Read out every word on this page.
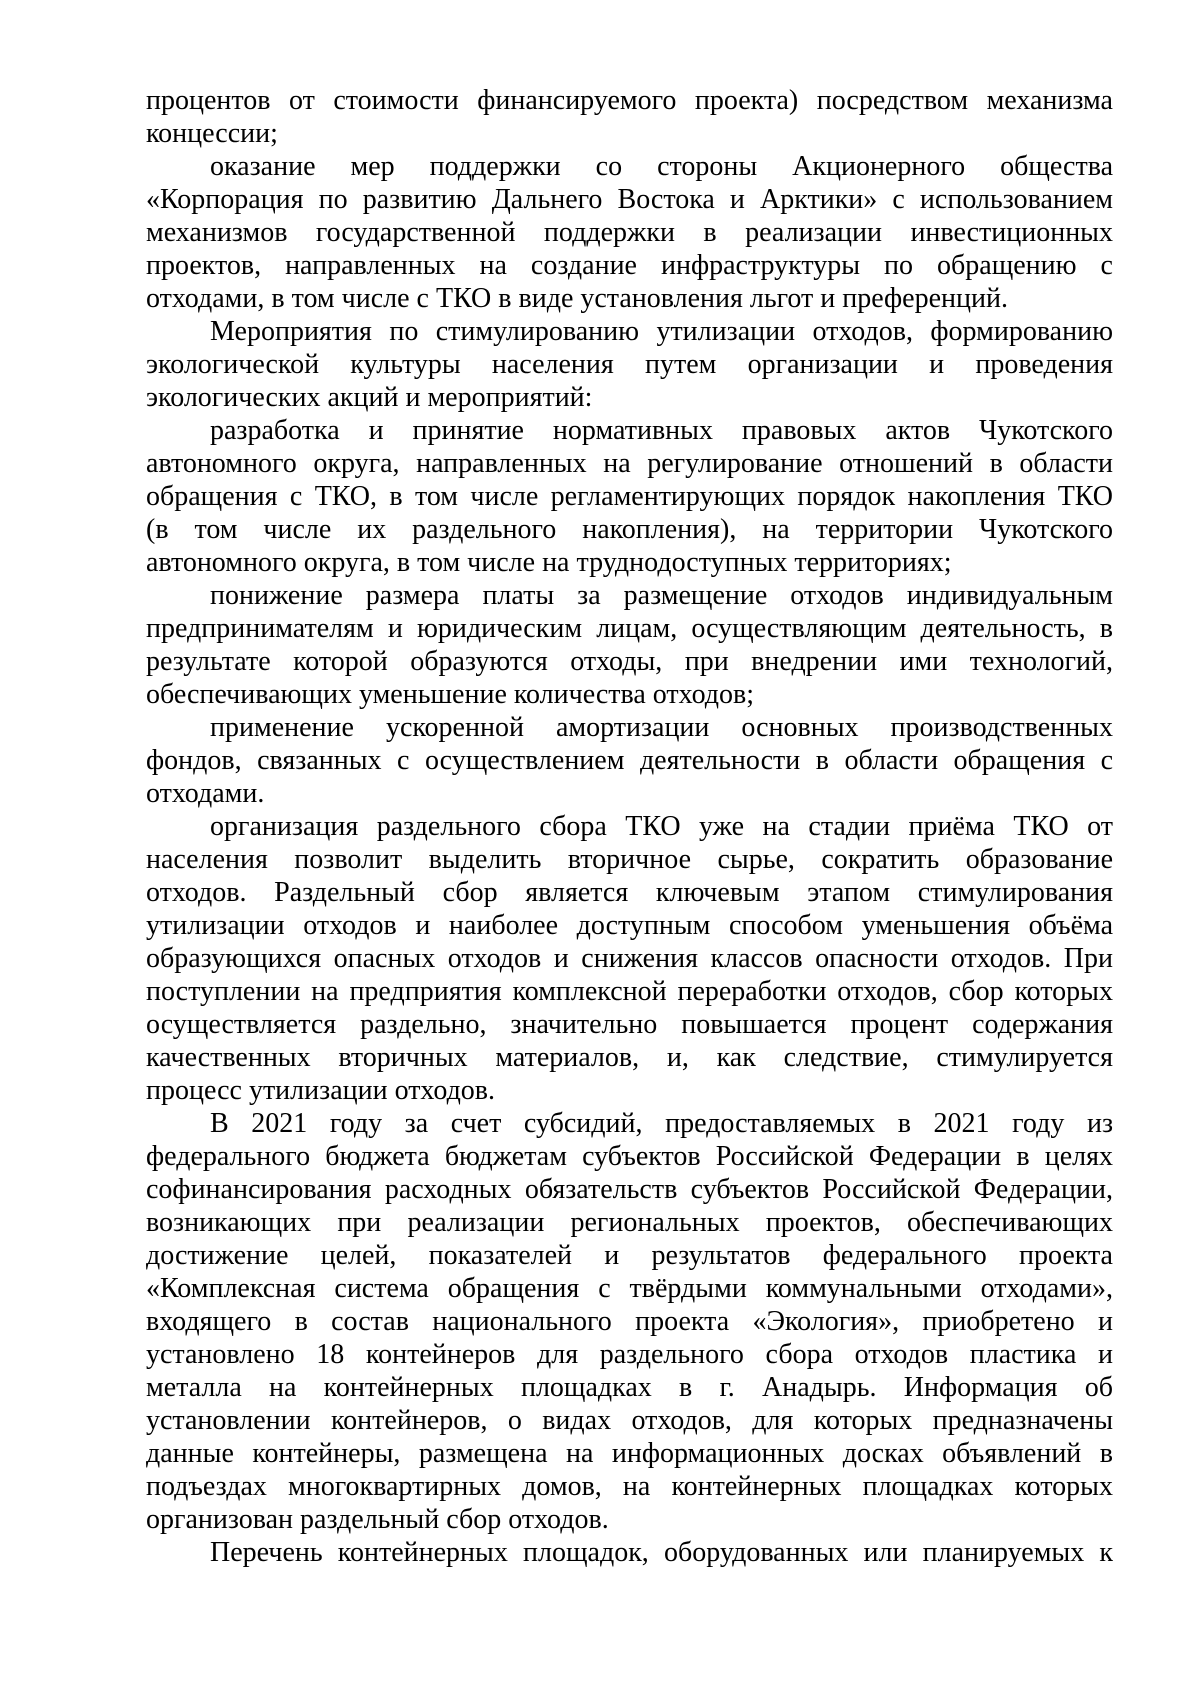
процентов от стоимости финансируемого проекта) посредством механизма
концессии;
оказание мер поддержки со стороны Акционерного общества
«Корпорация по развитию Дальнего Востока и Арктики» с использованием
механизмов государственной поддержки в реализации инвестиционных
проектов, направленных на создание инфраструктуры по обращению с
отходами, в том числе с ТКО в виде установления льгот и преференций.
Мероприятия по стимулированию утилизации отходов, формированию
экологической культуры населения путем организации и проведения
экологических акций и мероприятий:
разработка и принятие нормативных правовых актов Чукотского
автономного округа, направленных на регулирование отношений в области
обращения с ТКО, в том числе регламентирующих порядок накопления ТКО
(в том числе их раздельного накопления), на территории Чукотского
автономного округа, в том числе на труднодоступных территориях;
понижение размера платы за размещение отходов индивидуальным
предпринимателям и юридическим лицам, осуществляющим деятельность, в
результате которой образуются отходы, при внедрении ими технологий,
обеспечивающих уменьшение количества отходов;
применение ускоренной амортизации основных производственных
фондов, связанных с осуществлением деятельности в области обращения с
отходами.
организация раздельного сбора ТКО уже на стадии приёма ТКО от
населения позволит выделить вторичное сырье, сократить образование
отходов. Раздельный сбор является ключевым этапом стимулирования
утилизации отходов и наиболее доступным способом уменьшения объёма
образующихся опасных отходов и снижения классов опасности отходов. При
поступлении на предприятия комплексной переработки отходов, сбор которых
осуществляется раздельно, значительно повышается процент содержания
качественных вторичных материалов, и, как следствие, стимулируется
процесс утилизации отходов.
В 2021 году за счет субсидий, предоставляемых в 2021 году из
федерального бюджета бюджетам субъектов Российской Федерации в целях
софинансирования расходных обязательств субъектов Российской Федерации,
возникающих при реализации региональных проектов, обеспечивающих
достижение целей, показателей и результатов федерального проекта
«Комплексная система обращения с твёрдыми коммунальными отходами»,
входящего в состав национального проекта «Экология», приобретено и
установлено 18 контейнеров для раздельного сбора отходов пластика и
металла на контейнерных площадках в г. Анадырь. Информация об
установлении контейнеров, о видах отходов, для которых предназначены
данные контейнеры, размещена на информационных досках объявлений в
подъездах многоквартирных домов, на контейнерных площадках которых
организован раздельный сбор отходов.
Перечень контейнерных площадок, оборудованных или планируемых к
